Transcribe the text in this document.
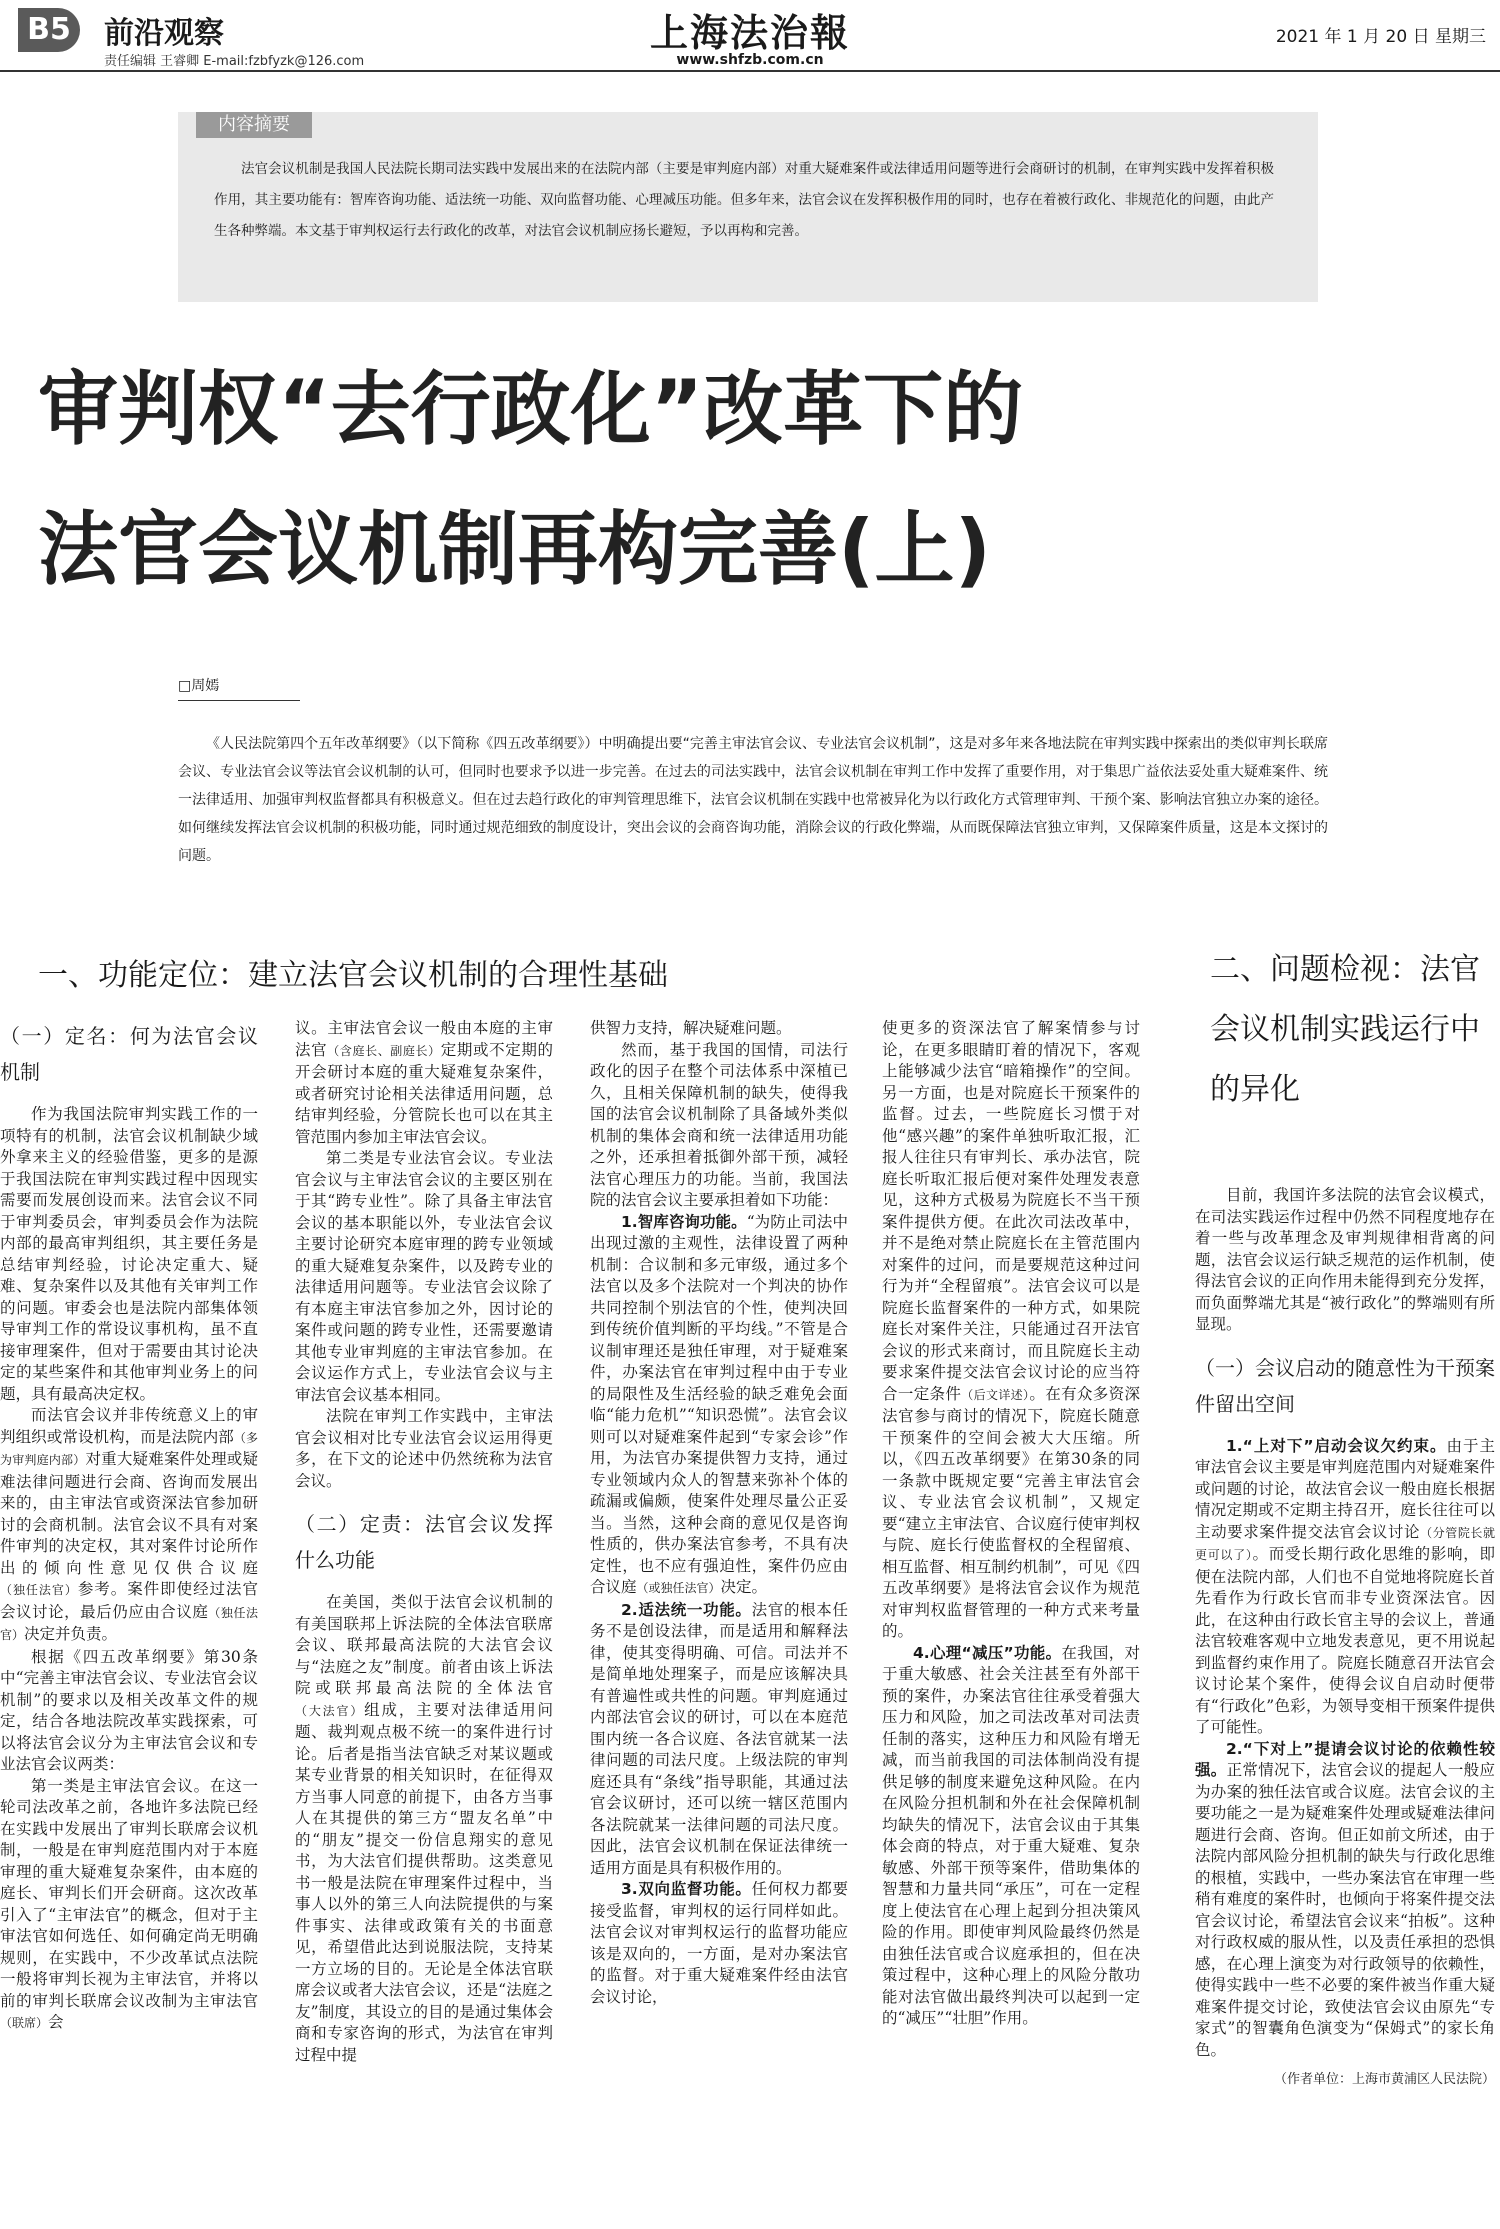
B5	前沿观察
责任编辑 王睿卿 E-mail:fzbfyzk@126.com
上海法治報
www.shfzb.com.cn
2021 年 1 月 20 日 星期三
内容摘要
法官会议机制是我国人民法院长期司法实践中发展出来的在法院内部（主要是审判庭内部）对重大疑难案件或法律适用问题等进行会商研讨的机制，在审判实践中发挥着积极作用，其主要功能有：智库咨询功能、适法统一功能、双向监督功能、心理减压功能。但多年来，法官会议在发挥积极作用的同时，也存在着被行政化、非规范化的问题，由此产生各种弊端。本文基于审判权运行去行政化的改革，对法官会议机制应扬长避短，予以再构和完善。
审判权“去行政化”改革下的
法官会议机制再构完善(上)
□周嫣
《人民法院第四个五年改革纲要》（以下简称《四五改革纲要》）中明确提出要“完善主审法官会议、专业法官会议机制”，这是对多年来各地法院在审判实践中探索出的类似审判长联席会议、专业法官会议等法官会议机制的认可，但同时也要求予以进一步完善。在过去的司法实践中，法官会议机制在审判工作中发挥了重要作用，对于集思广益依法妥处重大疑难案件、统一法律适用、加强审判权监督都具有积极意义。但在过去趋行政化的审判管理思维下，法官会议机制在实践中也常被异化为以行政化方式管理审判、干预个案、影响法官独立办案的途径。如何继续发挥法官会议机制的积极功能，同时通过规范细致的制度设计，突出会议的会商咨询功能，消除会议的行政化弊端，从而既保障法官独立审判，又保障案件质量，这是本文探讨的问题。
一、功能定位：建立法官会议机制的合理性基础	二、问题检视：法官会议机制实践运行中的异化

（一）定名：何为法官会议机制

作为我国法院审判实践工作的一项特有的机制，法官会议机制缺少域外拿来主义的经验借鉴，更多的是源于我国法院在审判实践过程中因现实需要而发展创设而来。法官会议不同于审判委员会，审判委员会作为法院内部的最高审判组织，其主要任务是总结审判经验，讨论决定重大、疑难、复杂案件以及其他有关审判工作的问题。审委会也是法院内部集体领导审判工作的常设议事机构，虽不直接审理案件，但对于需要由其讨论决定的某些案件和其他审判业务上的问题，具有最高决定权。

而法官会议并非传统意义上的审判组织或常设机构，而是法院内部（多为审判庭内部）对重大疑难案件处理或疑难法律问题进行会商、咨询而发展出来的，由主审法官或资深法官参加研讨的会商机制。法官会议不具有对案件审判的决定权，其对案件讨论所作出的倾向性意见仅供合议庭（独任法官）参考。案件即使经过法官会议讨论，最后仍应由合议庭（独任法官）决定并负责。

根据《四五改革纲要》第30条中“完善主审法官会议、专业法官会议机制”的要求以及相关改革文件的规定，结合各地法院改革实践探索，可以将法官会议分为主审法官会议和专业法官会议两类：

第一类是主审法官会议。在这一轮司法改革之前，各地许多法院已经在实践中发展出了审判长联席会议机制，一般是在审判庭范围内对于本庭审理的重大疑难复杂案件，由本庭的庭长、审判长们开会研商。这次改革引入了“主审法官”的概念，但对于主审法官如何选任、如何确定尚无明确规则，在实践中，不少改革试点法院一般将审判长视为主审法官，并将以前的审判长联席会议改制为主审法官（联席）会

议。主审法官会议一般由本庭的主审法官（含庭长、副庭长）定期或不定期的开会研讨本庭的重大疑难复杂案件，或者研究讨论相关法律适用问题，总结审判经验，分管院长也可以在其主管范围内参加主审法官会议。

第二类是专业法官会议。专业法官会议与主审法官会议的主要区别在于其“跨专业性”。除了具备主审法官会议的基本职能以外，专业法官会议主要讨论研究本庭审理的跨专业领域的重大疑难复杂案件，以及跨专业的法律适用问题等。专业法官会议除了有本庭主审法官参加之外，因讨论的案件或问题的跨专业性，还需要邀请其他专业审判庭的主审法官参加。在会议运作方式上，专业法官会议与主审法官会议基本相同。

法院在审判工作实践中，主审法官会议相对比专业法官会议运用得更多，在下文的论述中仍然统称为法官会议。

（二）定责：法官会议发挥什么功能

在美国，类似于法官会议机制的有美国联邦上诉法院的全体法官联席会议、联邦最高法院的大法官会议与“法庭之友”制度。前者由该上诉法院或联邦最高法院的全体法官（大法官）组成，主要对法律适用问题、裁判观点极不统一的案件进行讨论。后者是指当法官缺乏对某议题或某专业背景的相关知识时，在征得双方当事人同意的前提下，由各方当事人在其提供的第三方“盟友名单”中的“朋友”提交一份信息翔实的意见书，为大法官们提供帮助。这类意见书一般是法院在审理案件过程中，当事人以外的第三人向法院提供的与案件事实、法律或政策有关的书面意见，希望借此达到说服法院，支持某一方立场的目的。无论是全体法官联席会议或者大法官会议，还是“法庭之友”制度，其设立的目的是通过集体会商和专家咨询的形式，为法官在审判过程中提

供智力支持，解决疑难问题。

然而，基于我国的国情，司法行政化的因子在整个司法体系中深植已久，且相关保障机制的缺失，使得我国的法官会议机制除了具备域外类似机制的集体会商和统一法律适用功能之外，还承担着抵御外部干预，减轻法官心理压力的功能。当前，我国法院的法官会议主要承担着如下功能：

1.智库咨询功能。“为防止司法中出现过激的主观性，法律设置了两种机制：合议制和多元审级，通过多个法官以及多个法院对一个判决的协作共同控制个别法官的个性，使判决回到传统价值判断的平均线。”不管是合议制审理还是独任审理，对于疑难案件，办案法官在审判过程中由于专业的局限性及生活经验的缺乏难免会面临“能力危机”“知识恐慌”。法官会议则可以对疑难案件起到“专家会诊”作用，为法官办案提供智力支持，通过专业领域内众人的智慧来弥补个体的疏漏或偏颇，使案件处理尽量公正妥当。当然，这种会商的意见仅是咨询性质的，供办案法官参考，不具有决定性，也不应有强迫性，案件仍应由合议庭（或独任法官）决定。

2.适法统一功能。法官的根本任务不是创设法律，而是适用和解释法律，使其变得明确、可信。司法并不是简单地处理案子，而是应该解决具有普遍性或共性的问题。审判庭通过内部法官会议的研讨，可以在本庭范围内统一各合议庭、各法官就某一法律问题的司法尺度。上级法院的审判庭还具有“条线”指导职能，其通过法官会议研讨，还可以统一辖区范围内各法院就某一法律问题的司法尺度。因此，法官会议机制在保证法律统一适用方面是具有积极作用的。

3.双向监督功能。任何权力都要接受监督，审判权的运行同样如此。法官会议对审判权运行的监督功能应该是双向的，一方面，是对办案法官的监督。对于重大疑难案件经由法官会议讨论，

使更多的资深法官了解案情参与讨论，在更多眼睛盯着的情况下，客观上能够减少法官“暗箱操作”的空间。另一方面，也是对院庭长干预案件的监督。过去，一些院庭长习惯于对他“感兴趣”的案件单独听取汇报，汇报人往往只有审判长、承办法官，院庭长听取汇报后便对案件处理发表意见，这种方式极易为院庭长不当干预案件提供方便。在此次司法改革中，并不是绝对禁止院庭长在主管范围内对案件的过问，而是要规范这种过问行为并“全程留痕”。法官会议可以是院庭长监督案件的一种方式，如果院庭长对案件关注，只能通过召开法官会议的形式来商讨，而且院庭长主动要求案件提交法官会议讨论的应当符合一定条件（后文详述）。在有众多资深法官参与商讨的情况下，院庭长随意干预案件的空间会被大大压缩。所以，《四五改革纲要》在第30条的同一条款中既规定要“完善主审法官会议、专业法官会议机制”，又规定要“建立主审法官、合议庭行使审判权与院、庭长行使监督权的全程留痕、相互监督、相互制约机制”，可见《四五改革纲要》是将法官会议作为规范对审判权监督管理的一种方式来考量的。

4.心理“减压”功能。在我国，对于重大敏感、社会关注甚至有外部干预的案件，办案法官往往承受着强大压力和风险，加之司法改革对司法责任制的落实，这种压力和风险有增无减，而当前我国的司法体制尚没有提供足够的制度来避免这种风险。在内在风险分担机制和外在社会保障机制均缺失的情况下，法官会议由于其集体会商的特点，对于重大疑难、复杂敏感、外部干预等案件，借助集体的智慧和力量共同“承压”，可在一定程度上使法官在心理上起到分担决策风险的作用。即使审判风险最终仍然是由独任法官或合议庭承担的，但在决策过程中，这种心理上的风险分散功能对法官做出最终判决可以起到一定的“减压”“壮胆”作用。

目前，我国许多法院的法官会议模式，在司法实践运作过程中仍然不同程度地存在着一些与改革理念及审判规律相背离的问题，法官会议运行缺乏规范的运作机制，使得法官会议的正向作用未能得到充分发挥，而负面弊端尤其是“被行政化”的弊端则有所显现。

（一）会议启动的随意性为干预案件留出空间

1.“上对下”启动会议欠约束。由于主审法官会议主要是审判庭范围内对疑难案件或问题的讨论，故法官会议一般由庭长根据情况定期或不定期主持召开，庭长往往可以主动要求案件提交法官会议讨论（分管院长就更可以了）。而受长期行政化思维的影响，即便在法院内部，人们也不自觉地将院庭长首先看作为行政长官而非专业资深法官。因此，在这种由行政长官主导的会议上，普通法官较难客观中立地发表意见，更不用说起到监督约束作用了。院庭长随意召开法官会议讨论某个案件，使得会议自启动时便带有“行政化”色彩，为领导变相干预案件提供了可能性。

2.“下对上”提请会议讨论的依赖性较强。正常情况下，法官会议的提起人一般应为办案的独任法官或合议庭。法官会议的主要功能之一是为疑难案件处理或疑难法律问题进行会商、咨询。但正如前文所述，由于法院内部风险分担机制的缺失与行政化思维的根植，实践中，一些办案法官在审理一些稍有难度的案件时，也倾向于将案件提交法官会议讨论，希望法官会议来“拍板”。这种对行政权威的服从性，以及责任承担的恐惧感，在心理上演变为对行政领导的依赖性，使得实践中一些不必要的案件被当作重大疑难案件提交讨论，致使法官会议由原先“专家式”的智囊角色演变为“保姆式”的家长角色。

（作者单位：上海市黄浦区人民法院）
